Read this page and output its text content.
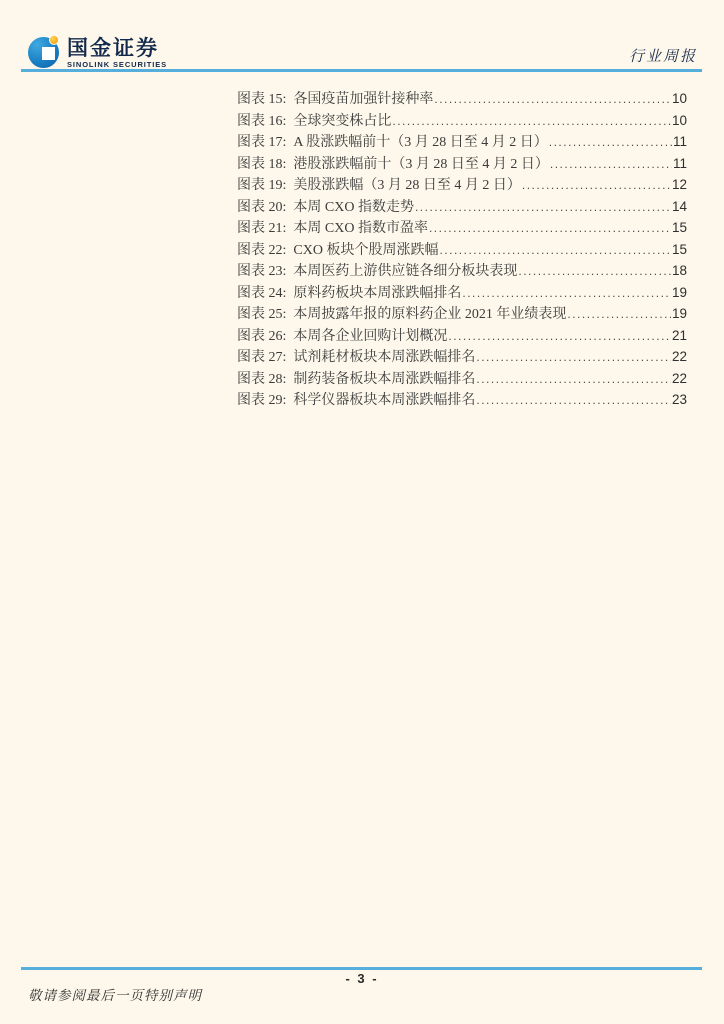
国金证券
SINOLINK SECURITIES	行业周报
图表 15: 各国疫苗加强针接种率 .....	10
图表 16: 全球突变株占比 .....	10
图表 17: A 股涨跌幅前十（3 月 28 日至 4 月 2 日） .....	11
图表 18: 港股涨跌幅前十（3 月 28 日至 4 月 2 日） .....	11
图表 19: 美股涨跌幅（3 月 28 日至 4 月 2 日） .....	12
图表 20: 本周 CXO 指数走势 .....	14
图表 21: 本周 CXO 指数市盈率 .....	15
图表 22: CXO 板块个股周涨跌幅 .....	15
图表 23: 本周医药上游供应链各细分板块表现 .....	18
图表 24: 原料药板块本周涨跌幅排名 .....	19
图表 25: 本周披露年报的原料药企业 2021 年业绩表现 .....	19
图表 26: 本周各企业回购计划概况 .....	21
图表 27: 试剂耗材板块本周涨跌幅排名 .....	22
图表 28: 制药装备板块本周涨跌幅排名 .....	22
图表 29: 科学仪器板块本周涨跌幅排名 .....	23
- 3 -
敬请参阅最后一页特别声明
